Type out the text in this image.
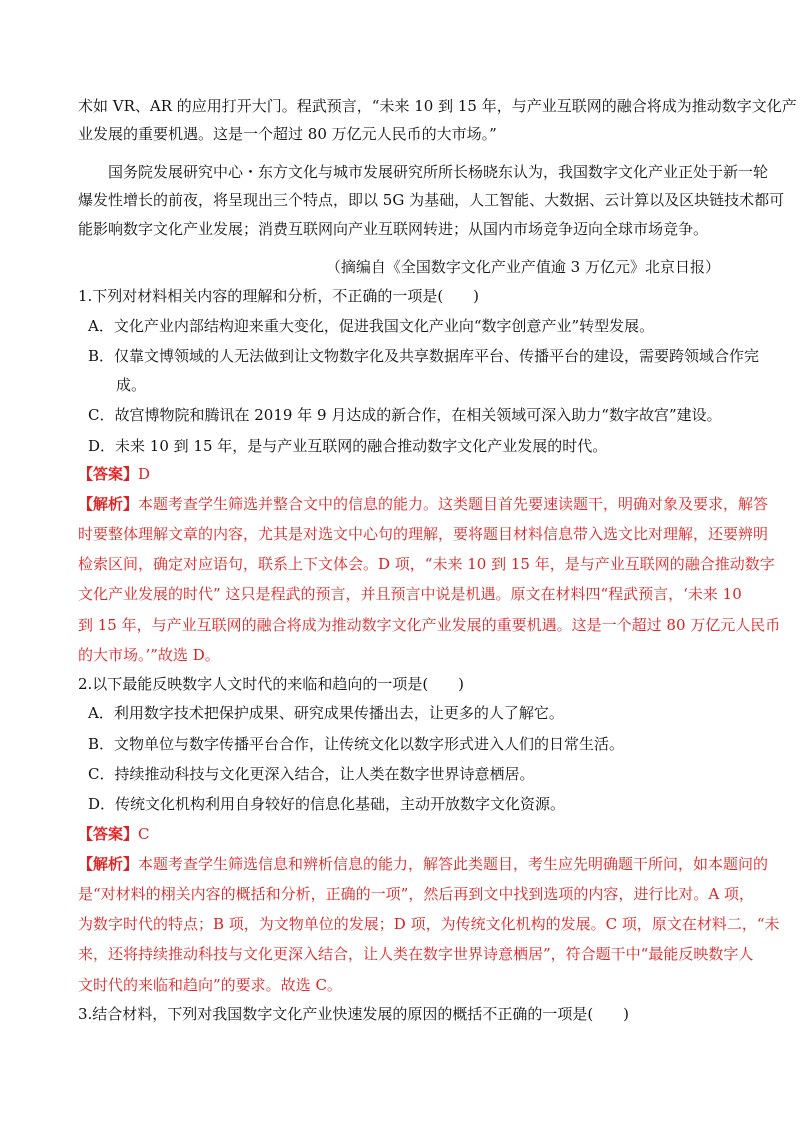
术如 VR、AR 的应用打开大门。程武预言，“未来 10 到 15 年，与产业互联网的融合将成为推动数字文化产
业发展的重要机遇。这是一个超过 80 万亿元人民币的大市场。”
国务院发展研究中心・东方文化与城市发展研究所所长杨晓东认为，我国数字文化产业正处于新一轮
爆发性增长的前夜，将呈现出三个特点，即以 5G 为基础，人工智能、大数据、云计算以及区块链技术都可
能影响数字文化产业发展；消费互联网向产业互联网转进；从国内市场竞争迈向全球市场竞争。
（摘编自《全国数字文化产业产值逾 3 万亿元》北京日报）
1.下列对材料相关内容的理解和分析，不正确的一项是(　　)
A．文化产业内部结构迎来重大变化，促进我国文化产业向“数字创意产业”转型发展。
B．仅靠文博领域的人无法做到让文物数字化及共享数据库平台、传播平台的建设，需要跨领域合作完
成。
C．故宫博物院和腾讯在 2019 年 9 月达成的新合作，在相关领域可深入助力“数字故宫”建设。
D．未来 10 到 15 年，是与产业互联网的融合推动数字文化产业发展的时代。
【答案】D
【解析】本题考查学生筛选并整合文中的信息的能力。这类题目首先要速读题干，明确对象及要求，解答
时要整体理解文章的内容，尤其是对选文中心句的理解，要将题目材料信息带入选文比对理解，还要辨明
检索区间，确定对应语句，联系上下文体会。D 项，“未来 10 到 15 年，是与产业互联网的融合推动数字
文化产业发展的时代” 这只是程武的预言，并且预言中说是机遇。原文在材料四“程武预言，‘未来 10
到 15 年，与产业互联网的融合将成为推动数字文化产业发展的重要机遇。这是一个超过 80 万亿元人民币
的大市场。’”故选 D。
2.以下最能反映数字人文时代的来临和趋向的一项是(　　)
A．利用数字技术把保护成果、研究成果传播出去，让更多的人了解它。
B．文物单位与数字传播平台合作，让传统文化以数字形式进入人们的日常生活。
C．持续推动科技与文化更深入结合，让人类在数字世界诗意栖居。
D．传统文化机构利用自身较好的信息化基础，主动开放数字文化资源。
【答案】C
【解析】本题考查学生筛选信息和辨析信息的能力，解答此类题目，考生应先明确题干所问，如本题问的
是“对材料的栩关内容的概括和分析，正确的一项”，然后再到文中找到选项的内容，进行比对。A 项，
为数字时代的特点；B 项，为文物单位的发展；D 项，为传统文化机构的发展。C 项，原文在材料二，“未
来，还将持续推动科技与文化更深入结合，让人类在数字世界诗意栖居”，符合题干中“最能反映数字人
文时代的来临和趋向”的要求。故选 C。
3.结合材料，下列对我国数字文化产业快速发展的原因的概括不正确的一项是(　　)
